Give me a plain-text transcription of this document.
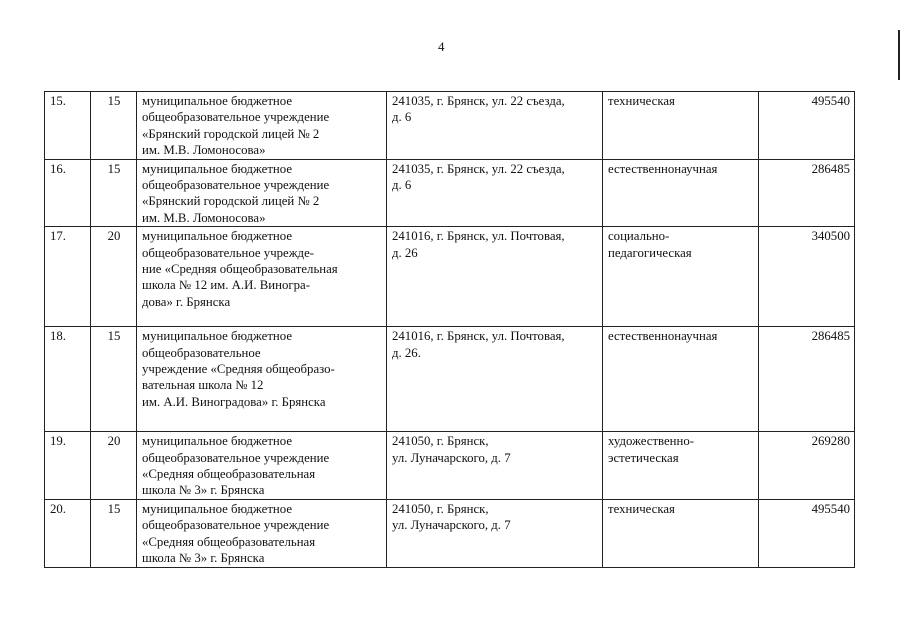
4
15.	15	муниципальное бюджетное
общеобразовательное учреждение
«Брянский городской лицей № 2
им. М.В. Ломоносова»	241035, г. Брянск, ул. 22 съезда,
д. 6	техническая	495540
16.	15	муниципальное бюджетное
общеобразовательное учреждение
«Брянский городской лицей № 2
им. М.В. Ломоносова»	241035, г. Брянск, ул. 22 съезда,
д. 6	естественнонаучная	286485
17.	20	муниципальное бюджетное
общеобразовательное учрежде-
ние «Средняя общеобразовательная
школа № 12 им. А.И. Виногра-
дова» г. Брянска	241016, г. Брянск, ул. Почтовая,
д. 26	социально-
педагогическая	340500
18.	15	муниципальное бюджетное
общеобразовательное
учреждение «Средняя общеобразо-
вательная школа № 12
им. А.И. Виноградова» г. Брянска	241016, г. Брянск, ул. Почтовая,
д. 26.	естественнонаучная	286485
19.	20	муниципальное бюджетное
общеобразовательное учреждение
«Средняя общеобразовательная
школа № 3» г. Брянска	241050, г. Брянск,
ул. Луначарского, д. 7	художественно-
эстетическая	269280
20.	15	муниципальное бюджетное
общеобразовательное учреждение
«Средняя общеобразовательная
школа № 3» г. Брянска	241050, г. Брянск,
ул. Луначарского, д. 7	техническая	495540
